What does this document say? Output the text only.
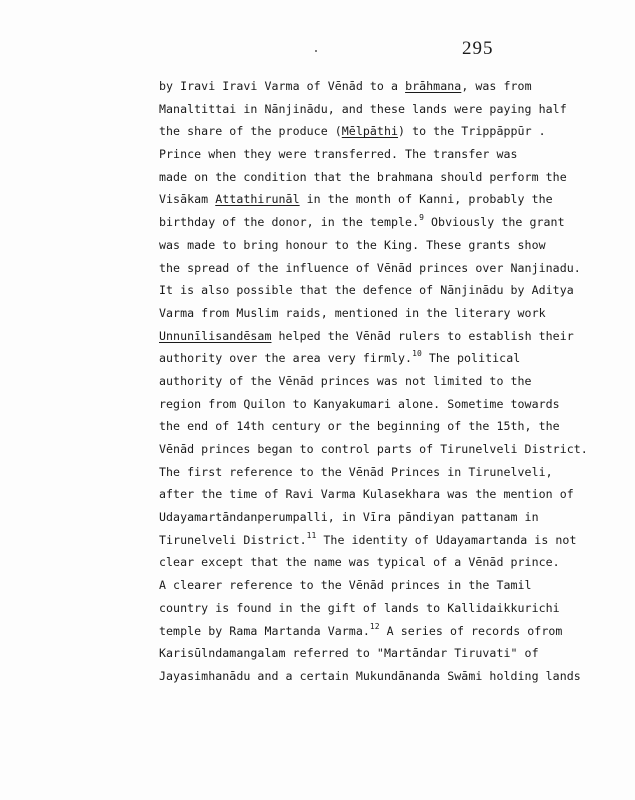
295
by Iravi Iravi Varma of Vēnād to a brāhmana, was from
Manaltittai in Nānjinādu, and these lands were paying half
the share of the produce (Mēlpāthi) to the Trippāppūr .
Prince when they were transferred. The transfer was
made on the condition that the brahmana should perform the
Visākam Attathirunāl in the month of Kanni, probably the
birthday of the donor, in the temple.$^9$ Obviously the grant
was made to bring honour to the King. These grants show
the spread of the influence of Vēnād princes over Nanjinadu.
It is also possible that the defence of Nānjinādu by Aditya
Varma from Muslim raids, mentioned in the literary work
Unnunīlisandēsam helped the Vēnād rulers to establish their
authority over the area very firmly.$^{10}$ The political
authority of the Vēnād princes was not limited to the
region from Quilon to Kanyakumari alone. Sometime towards
the end of 14th century or the beginning of the 15th, the
Vēnād princes began to control parts of Tirunelveli District.
The first reference to the Vēnād Princes in Tirunelveli,
after the time of Ravi Varma Kulasekhara was the mention of
Udayamartāndanperumpalli, in Vīra pāndiyan pattanam in
Tirunelveli District.$^{11}$ The identity of Udayamartanda is not
clear except that the name was typical of a Vēnād prince.
A clearer reference to the Vēnād princes in the Tamil
country is found in the gift of lands to Kallidaikkurichi
temple by Rama Martanda Varma.$^{12}$ A series of records ofrom
Karisūlndamangalam referred to "Martāndar Tiruvati" of
Jayasimhanādu and a certain Mukundānanda Swāmi holding lands
